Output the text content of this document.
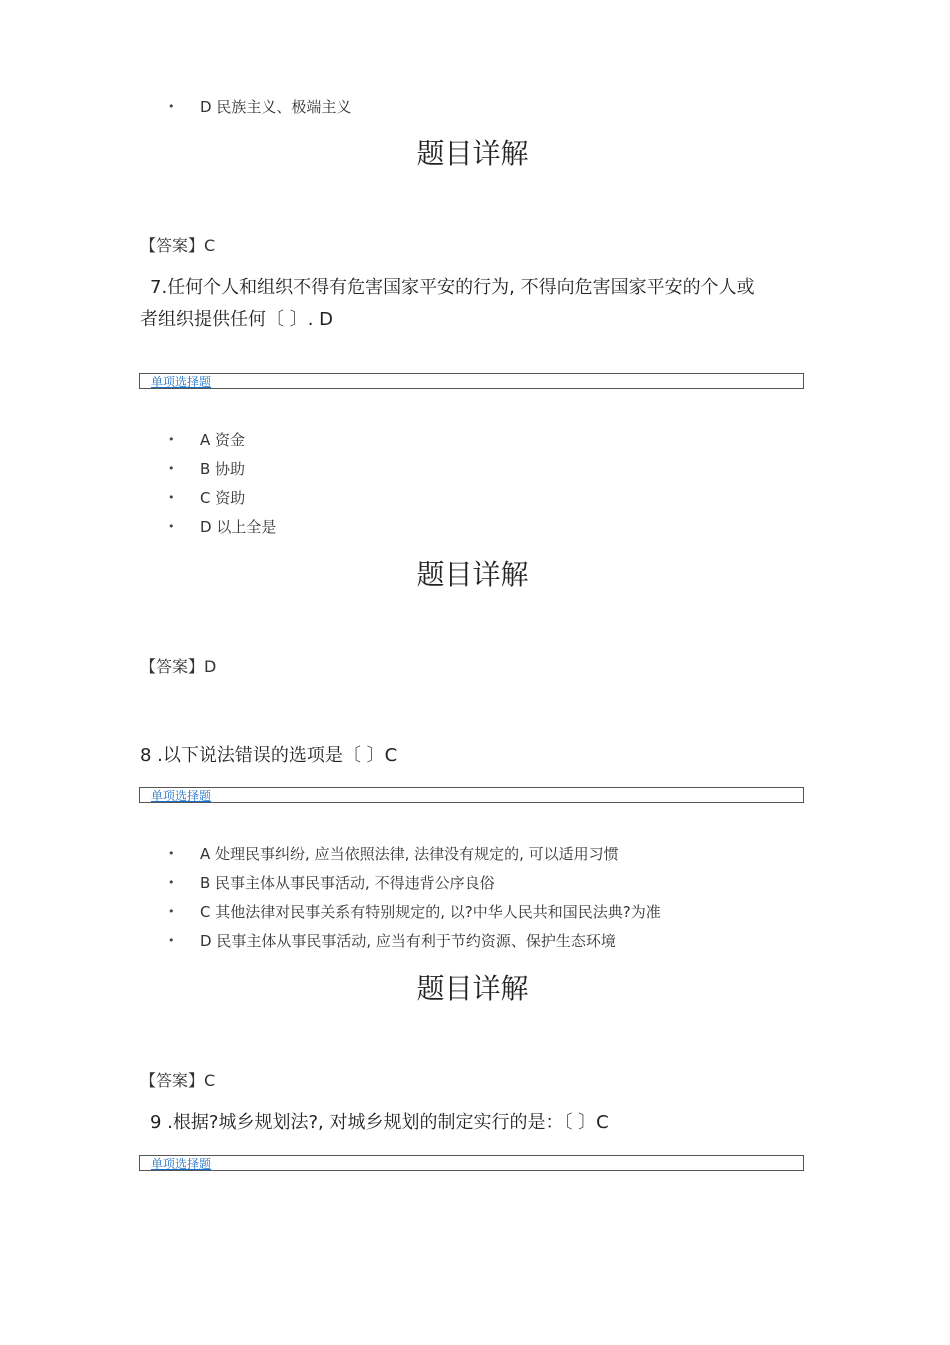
• D 民族主义、极端主义
题目详解
【答案】C
7.任何个人和组织不得有危害国家平安的行为, 不得向危害国家平安的个人或
者组织提供任何〔 〕. D
单项选择题
• A 资金
• B 协助
• C 资助
• D 以上全是
题目详解
【答案】D
8 .以下说法错误的选项是〔 〕C
单项选择题
• A 处理民事纠纷, 应当依照法律, 法律没有规定的, 可以适用习惯
• B 民事主体从事民事活动, 不得违背公序良俗
• C 其他法律对民事关系有特别规定的, 以?中华人民共和国民法典?为准
• D 民事主体从事民事活动, 应当有利于节约资源、保护生态环境
题目详解
【答案】C
9 .根据?城乡规划法?, 对城乡规划的制定实行的是：〔 〕C
单项选择题
